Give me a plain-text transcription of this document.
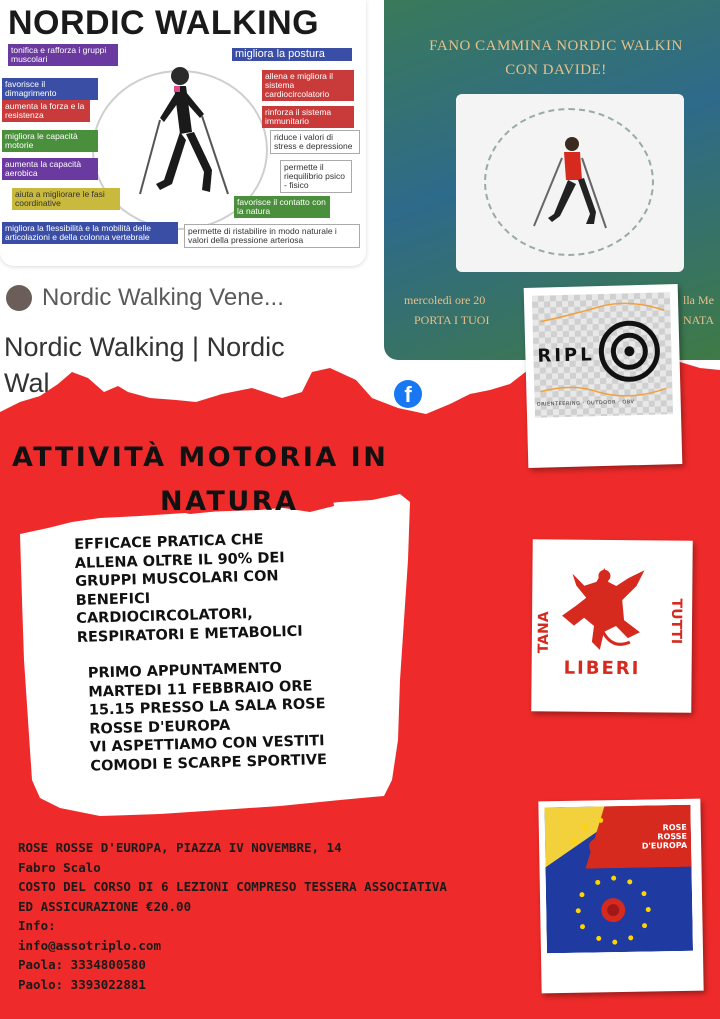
NORDIC WALKING
tonifica e rafforza i gruppi muscolari
favorisce il dimagrimento
aumenta la forza e la resistenza
migliora le capacità motorie
aumenta la capacità aerobica
aiuta a migliorare le fasi coordinative
migliora la flessibilità e la mobilità delle articolazioni e della colonna vertebrale
migliora la postura
allena e migliora il sistema cardiocircolatorio
rinforza il sistema immunitario
riduce i valori di stress e depressione
permette il riequilibrio psico - fisico
favorisce il contatto con la natura
permette di ristabilire in modo naturale i valori della pressione arteriosa
FANO CAMMINA NORDIC WALKIN
CON DAVIDE!
mercoledì ore 20	lla Me
PORTA I TUOI	NATA
Nordic Walking Vene...
Nordic Walking | Nordic
Wal	f
ATTIVITÀ MOTORIA IN
NATURA

EFFICACE PRATICA CHE
ALLENA OLTRE IL 90% DEI
GRUPPI MUSCOLARI CON
BENEFICI
CARDIOCIRCOLATORI,
RESPIRATORI E METABOLICI

PRIMO APPUNTAMENTO
MARTEDI 11 FEBBRAIO ORE
15.15 PRESSO LA SALA ROSE
ROSSE D'EUROPA
VI ASPETTIAMO CON VESTITI
COMODI E SCARPE SPORTIVE

ROSE ROSSE D'EUROPA, PIAZZA IV NOVEMBRE, 14
Fabro Scalo
COSTO DEL CORSO DI 6 LEZIONI COMPRESO TESSERA ASSOCIATIVA
ED ASSICURAZIONE €20.00
Info:
info@assotriplo.com
Paola: 3334800580
Paolo: 3393022881
RIPL
ORIENTEERING · OUTDOOR · OBV
TANA
LIBERI
TUTTI
ROSE
ROSSE
D'EUROPA
